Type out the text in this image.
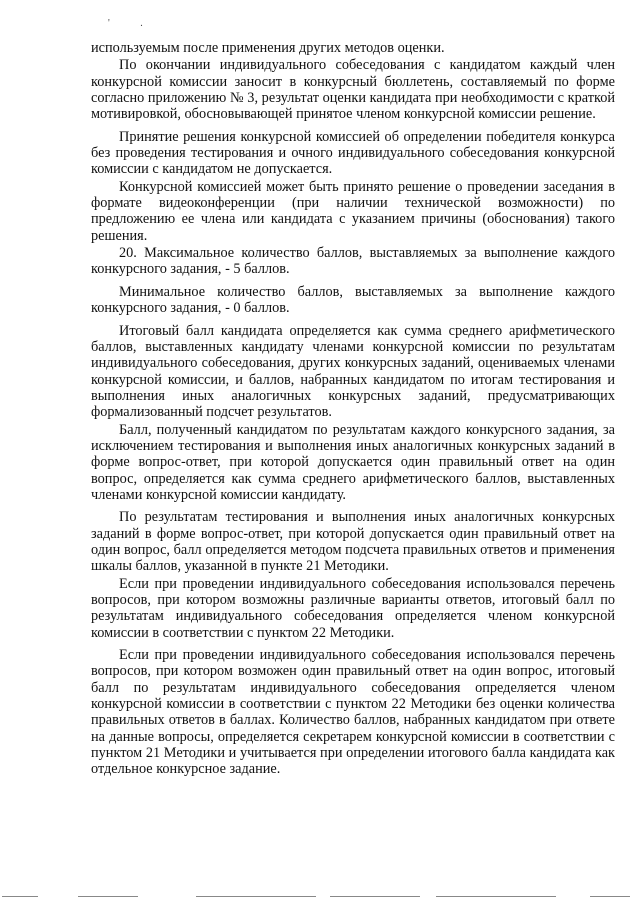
' .

используемым после применения других методов оценки.

По окончании индивидуального собеседования с кандидатом каждый член конкурсной комиссии заносит в конкурсный бюллетень, составляемый по форме согласно приложению № 3, результат оценки кандидата при необходимости с краткой мотивировкой, обосновывающей принятое членом конкурсной комиссии решение.

Принятие решения конкурсной комиссией об определении победителя конкурса без проведения тестирования и очного индивидуального собеседования конкурсной комиссии с кандидатом не допускается.

Конкурсной комиссией может быть принято решение о проведении заседания в формате видеоконференции (при наличии технической возможности) по предложению ее члена или кандидата с указанием причины (обоснования) такого решения.

20. Максимальное количество баллов, выставляемых за выполнение каждого конкурсного задания, - 5 баллов.

Минимальное количество баллов, выставляемых за выполнение каждого конкурсного задания, - 0 баллов.

Итоговый балл кандидата определяется как сумма среднего арифметического баллов, выставленных кандидату членами конкурсной комиссии по результатам индивидуального собеседования, других конкурсных заданий, оцениваемых членами конкурсной комиссии, и баллов, набранных кандидатом по итогам тестирования и выполнения иных аналогичных конкурсных заданий, предусматривающих формализованный подсчет результатов.

Балл, полученный кандидатом по результатам каждого конкурсного задания, за исключением тестирования и выполнения иных аналогичных конкурсных заданий в форме вопрос-ответ, при которой допускается один правильный ответ на один вопрос, определяется как сумма среднего арифметического баллов, выставленных членами конкурсной комиссии кандидату.

По результатам тестирования и выполнения иных аналогичных конкурсных заданий в форме вопрос-ответ, при которой допускается один правильный ответ на один вопрос, балл определяется методом подсчета правильных ответов и применения шкалы баллов, указанной в пункте 21 Методики.

Если при проведении индивидуального собеседования использовался перечень вопросов, при котором возможны различные варианты ответов, итоговый балл по результатам индивидуального собеседования определяется членом конкурсной комиссии в соответствии с пунктом 22 Методики.

Если при проведении индивидуального собеседования использовался перечень вопросов, при котором возможен один правильный ответ на один вопрос, итоговый балл по результатам индивидуального собеседования определяется членом конкурсной комиссии в соответствии с пунктом 22 Методики без оценки количества правильных ответов в баллах. Количество баллов, набранных кандидатом при ответе на данные вопросы, определяется секретарем конкурсной комиссии в соответствии с пунктом 21 Методики и учитывается при определении итогового балла кандидата как отдельное конкурсное задание.
